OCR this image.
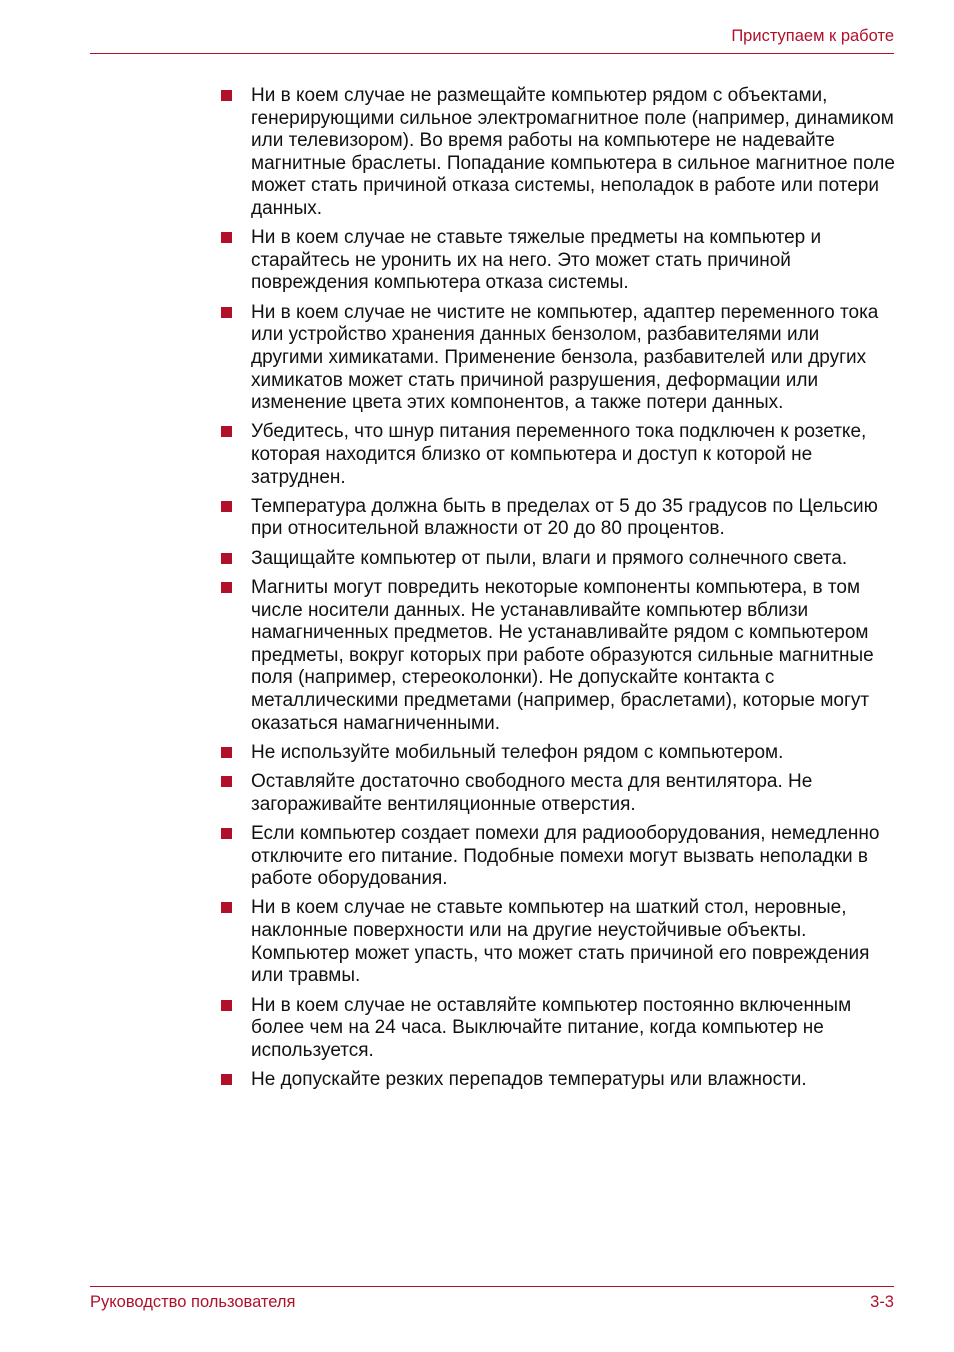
Приступаем к работе
Ни в коем случае не размещайте компьютер рядом с объектами, генерирующими сильное электромагнитное поле (например, динамиком или телевизором). Во время работы на компьютере не надевайте магнитные браслеты. Попадание компьютера в сильное магнитное поле может стать причиной отказа системы, неполадок в работе или потери данных.
Ни в коем случае не ставьте тяжелые предметы на компьютер и старайтесь не уронить их на него. Это может стать причиной повреждения компьютера отказа системы.
Ни в коем случае не чистите не компьютер, адаптер переменного тока или устройство хранения данных бензолом, разбавителями или другими химикатами. Применение бензола, разбавителей или других химикатов может стать причиной разрушения, деформации или изменение цвета этих компонентов, а также потери данных.
Убедитесь, что шнур питания переменного тока подключен к розетке, которая находится близко от компьютера и доступ к которой не затруднен.
Температура должна быть в пределах от 5 до 35 градусов по Цельсию при относительной влажности от 20 до 80 процентов.
Защищайте компьютер от пыли, влаги и прямого солнечного света.
Магниты могут повредить некоторые компоненты компьютера, в том числе носители данных. Не устанавливайте компьютер вблизи намагниченных предметов. Не устанавливайте рядом с компьютером предметы, вокруг которых при работе образуются сильные магнитные поля (например, стереоколонки). Не допускайте контакта с металлическими предметами (например, браслетами), которые могут оказаться намагниченными.
Не используйте мобильный телефон рядом с компьютером.
Оставляйте достаточно свободного места для вентилятора. Не загораживайте вентиляционные отверстия.
Если компьютер создает помехи для радиооборудования, немедленно отключите его питание. Подобные помехи могут вызвать неполадки в работе оборудования.
Ни в коем случае не ставьте компьютер на шаткий стол, неровные, наклонные поверхности или на другие неустойчивые объекты. Компьютер может упасть, что может стать причиной его повреждения или травмы.
Ни в коем случае не оставляйте компьютер постоянно включенным более чем на 24 часа. Выключайте питание, когда компьютер не используется.
Не допускайте резких перепадов температуры или влажности.
Руководство пользователя	3-3
